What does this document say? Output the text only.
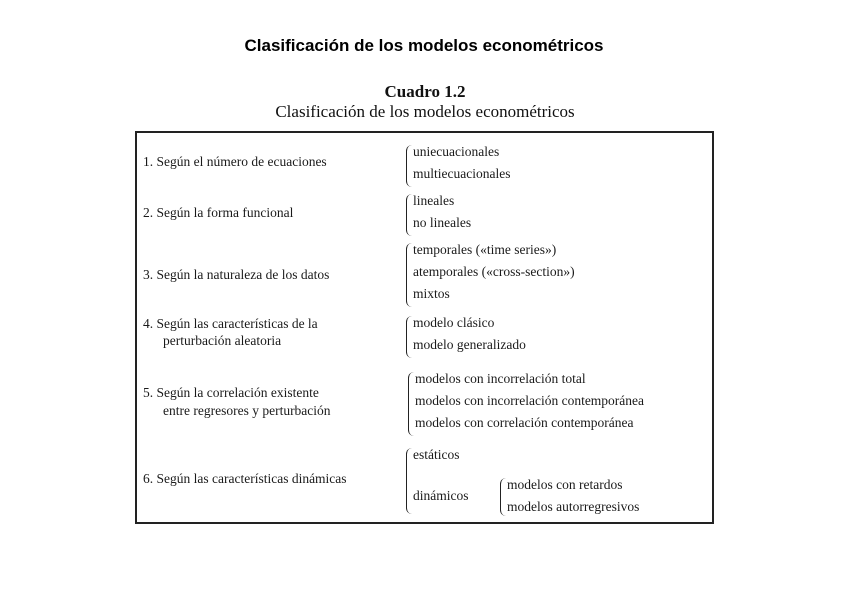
Clasificación de los modelos econométricos
Cuadro 1.2
Clasificación de los modelos econométricos
1. Según el número de ecuaciones
uniecuacionales
multiecuacionales
2. Según la forma funcional
lineales
no lineales
3. Según la naturaleza de los datos
temporales («time series»)
atemporales («cross-section»)
mixtos
4. Según las características de la
perturbación aleatoria
modelo clásico
modelo generalizado
5. Según la correlación existente
entre regresores y perturbación
modelos con incorrelación total
modelos con incorrelación contemporánea
modelos con correlación contemporánea
6. Según las características dinámicas
estáticos
dinámicos
modelos con retardos
modelos autorregresivos
